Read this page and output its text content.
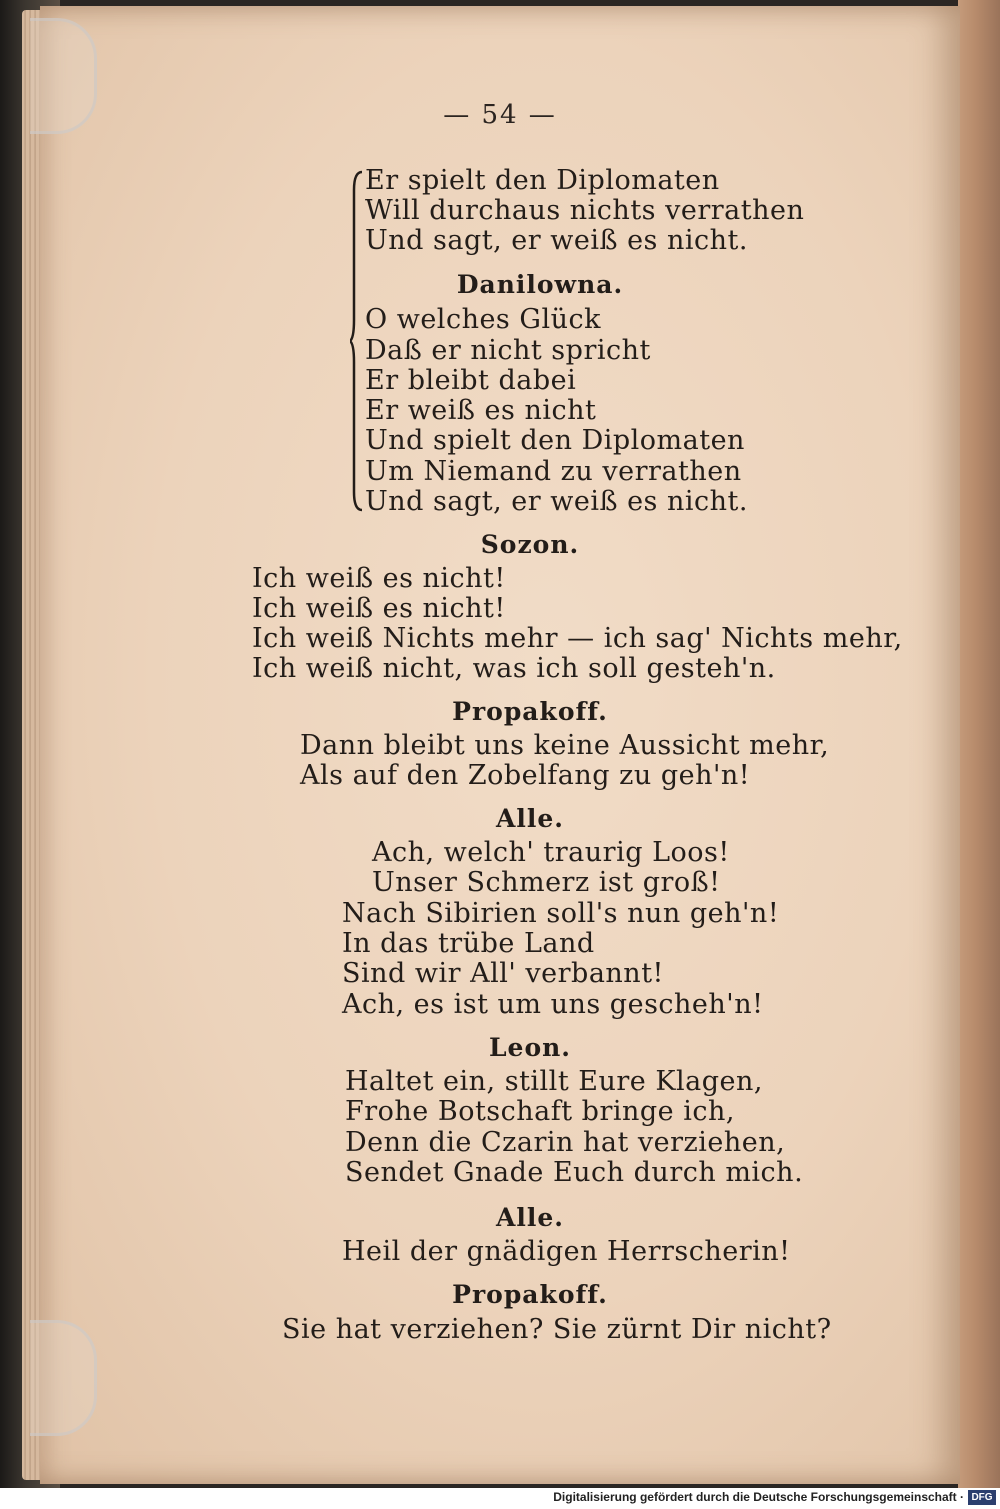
— 54 —
Er spielt den Diplomaten
Will durchaus nichts verrathen
Und sagt, er weiß es nicht.
Danilowna.
O welches Glück
Daß er nicht spricht
Er bleibt dabei
Er weiß es nicht
Und spielt den Diplomaten
Um Niemand zu verrathen
Und sagt, er weiß es nicht.
Sozon.
Ich weiß es nicht!
Ich weiß es nicht!
Ich weiß Nichts mehr — ich sag' Nichts mehr,
Ich weiß nicht, was ich soll gesteh'n.
Propakoff.
Dann bleibt uns keine Aussicht mehr,
Als auf den Zobelfang zu geh'n!
Alle.
Ach, welch' traurig Loos!
Unser Schmerz ist groß!
Nach Sibirien soll's nun geh'n!
In das trübe Land
Sind wir All' verbannt!
Ach, es ist um uns gescheh'n!
Leon.
Haltet ein, stillt Eure Klagen,
Frohe Botschaft bringe ich,
Denn die Czarin hat verziehen,
Sendet Gnade Euch durch mich.
Alle.
Heil der gnädigen Herrscherin!
Propakoff.
Sie hat verziehen? Sie zürnt Dir nicht?
Digitalisierung gefördert durch die Deutsche Forschungsgemeinschaft · DFG
